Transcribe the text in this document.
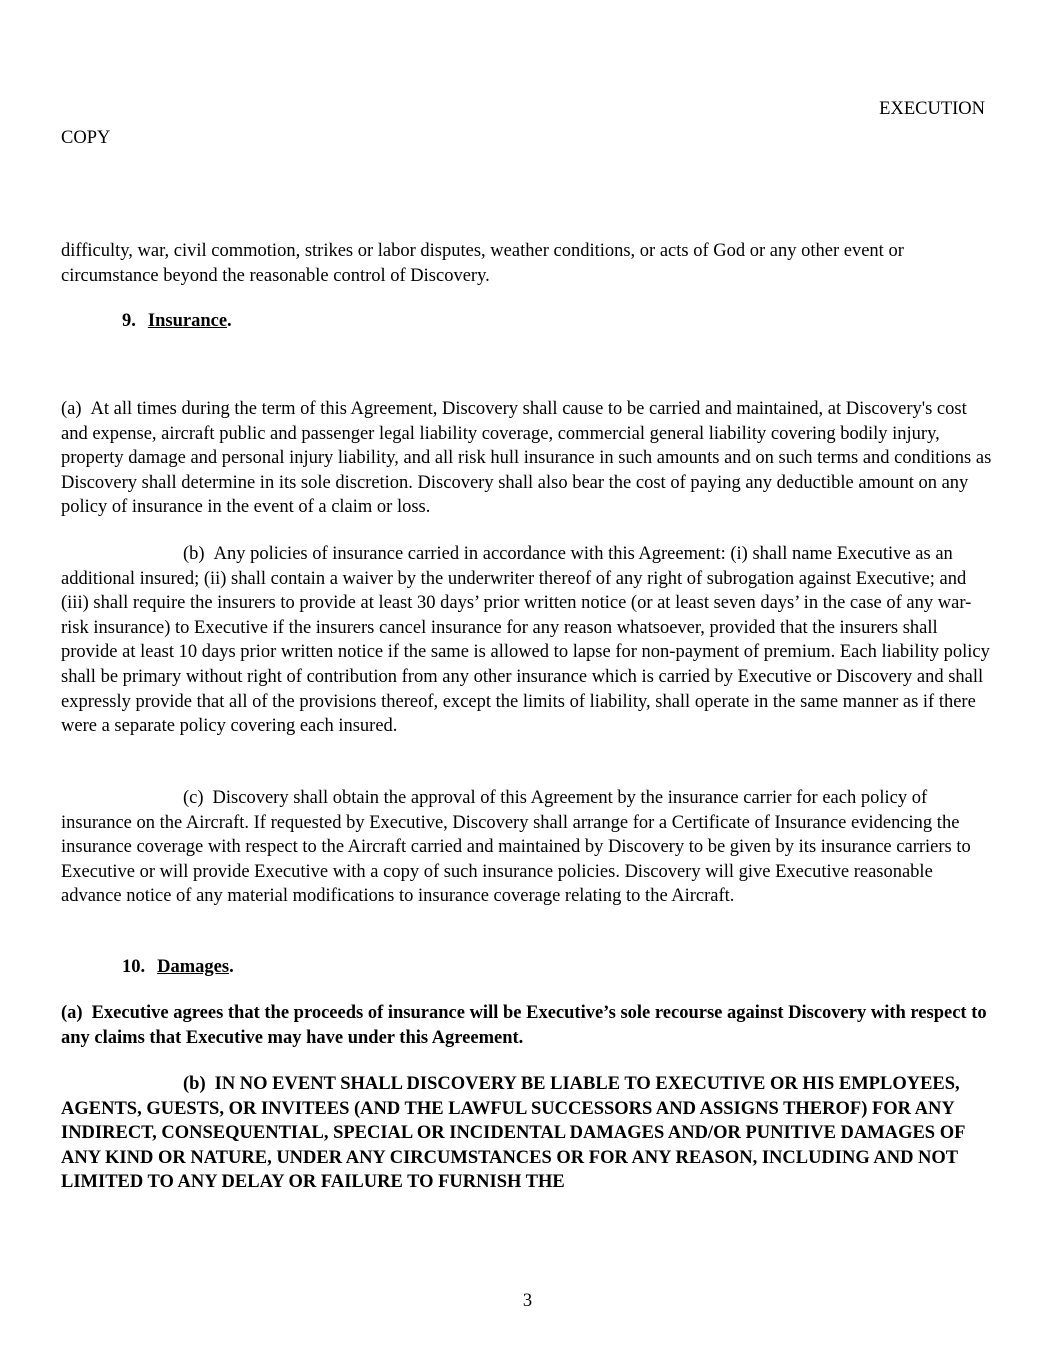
EXECUTION
COPY

difficulty, war, civil commotion, strikes or labor disputes, weather conditions, or acts of God or any other event or circumstance beyond the reasonable control of Discovery.

9. Insurance.

(a) At all times during the term of this Agreement, Discovery shall cause to be carried and maintained, at Discovery's cost and expense, aircraft public and passenger legal liability coverage, commercial general liability covering bodily injury, property damage and personal injury liability, and all risk hull insurance in such amounts and on such terms and conditions as Discovery shall determine in its sole discretion. Discovery shall also bear the cost of paying any deductible amount on any policy of insurance in the event of a claim or loss.

(b) Any policies of insurance carried in accordance with this Agreement: (i) shall name Executive as an additional insured; (ii) shall contain a waiver by the underwriter thereof of any right of subrogation against Executive; and (iii) shall require the insurers to provide at least 30 days’ prior written notice (or at least seven days’ in the case of any war-risk insurance) to Executive if the insurers cancel insurance for any reason whatsoever, provided that the insurers shall provide at least 10 days prior written notice if the same is allowed to lapse for non-payment of premium. Each liability policy shall be primary without right of contribution from any other insurance which is carried by Executive or Discovery and shall expressly provide that all of the provisions thereof, except the limits of liability, shall operate in the same manner as if there were a separate policy covering each insured.

(c) Discovery shall obtain the approval of this Agreement by the insurance carrier for each policy of insurance on the Aircraft. If requested by Executive, Discovery shall arrange for a Certificate of Insurance evidencing the insurance coverage with respect to the Aircraft carried and maintained by Discovery to be given by its insurance carriers to Executive or will provide Executive with a copy of such insurance policies. Discovery will give Executive reasonable advance notice of any material modifications to insurance coverage relating to the Aircraft.

10. Damages.

(a) Executive agrees that the proceeds of insurance will be Executive’s sole recourse against Discovery with respect to any claims that Executive may have under this Agreement.

(b) IN NO EVENT SHALL DISCOVERY BE LIABLE TO EXECUTIVE OR HIS EMPLOYEES, AGENTS, GUESTS, OR INVITEES (AND THE LAWFUL SUCCESSORS AND ASSIGNS THEROF) FOR ANY INDIRECT, CONSEQUENTIAL, SPECIAL OR INCIDENTAL DAMAGES AND/OR PUNITIVE DAMAGES OF ANY KIND OR NATURE, UNDER ANY CIRCUMSTANCES OR FOR ANY REASON, INCLUDING AND NOT LIMITED TO ANY DELAY OR FAILURE TO FURNISH THE

3
